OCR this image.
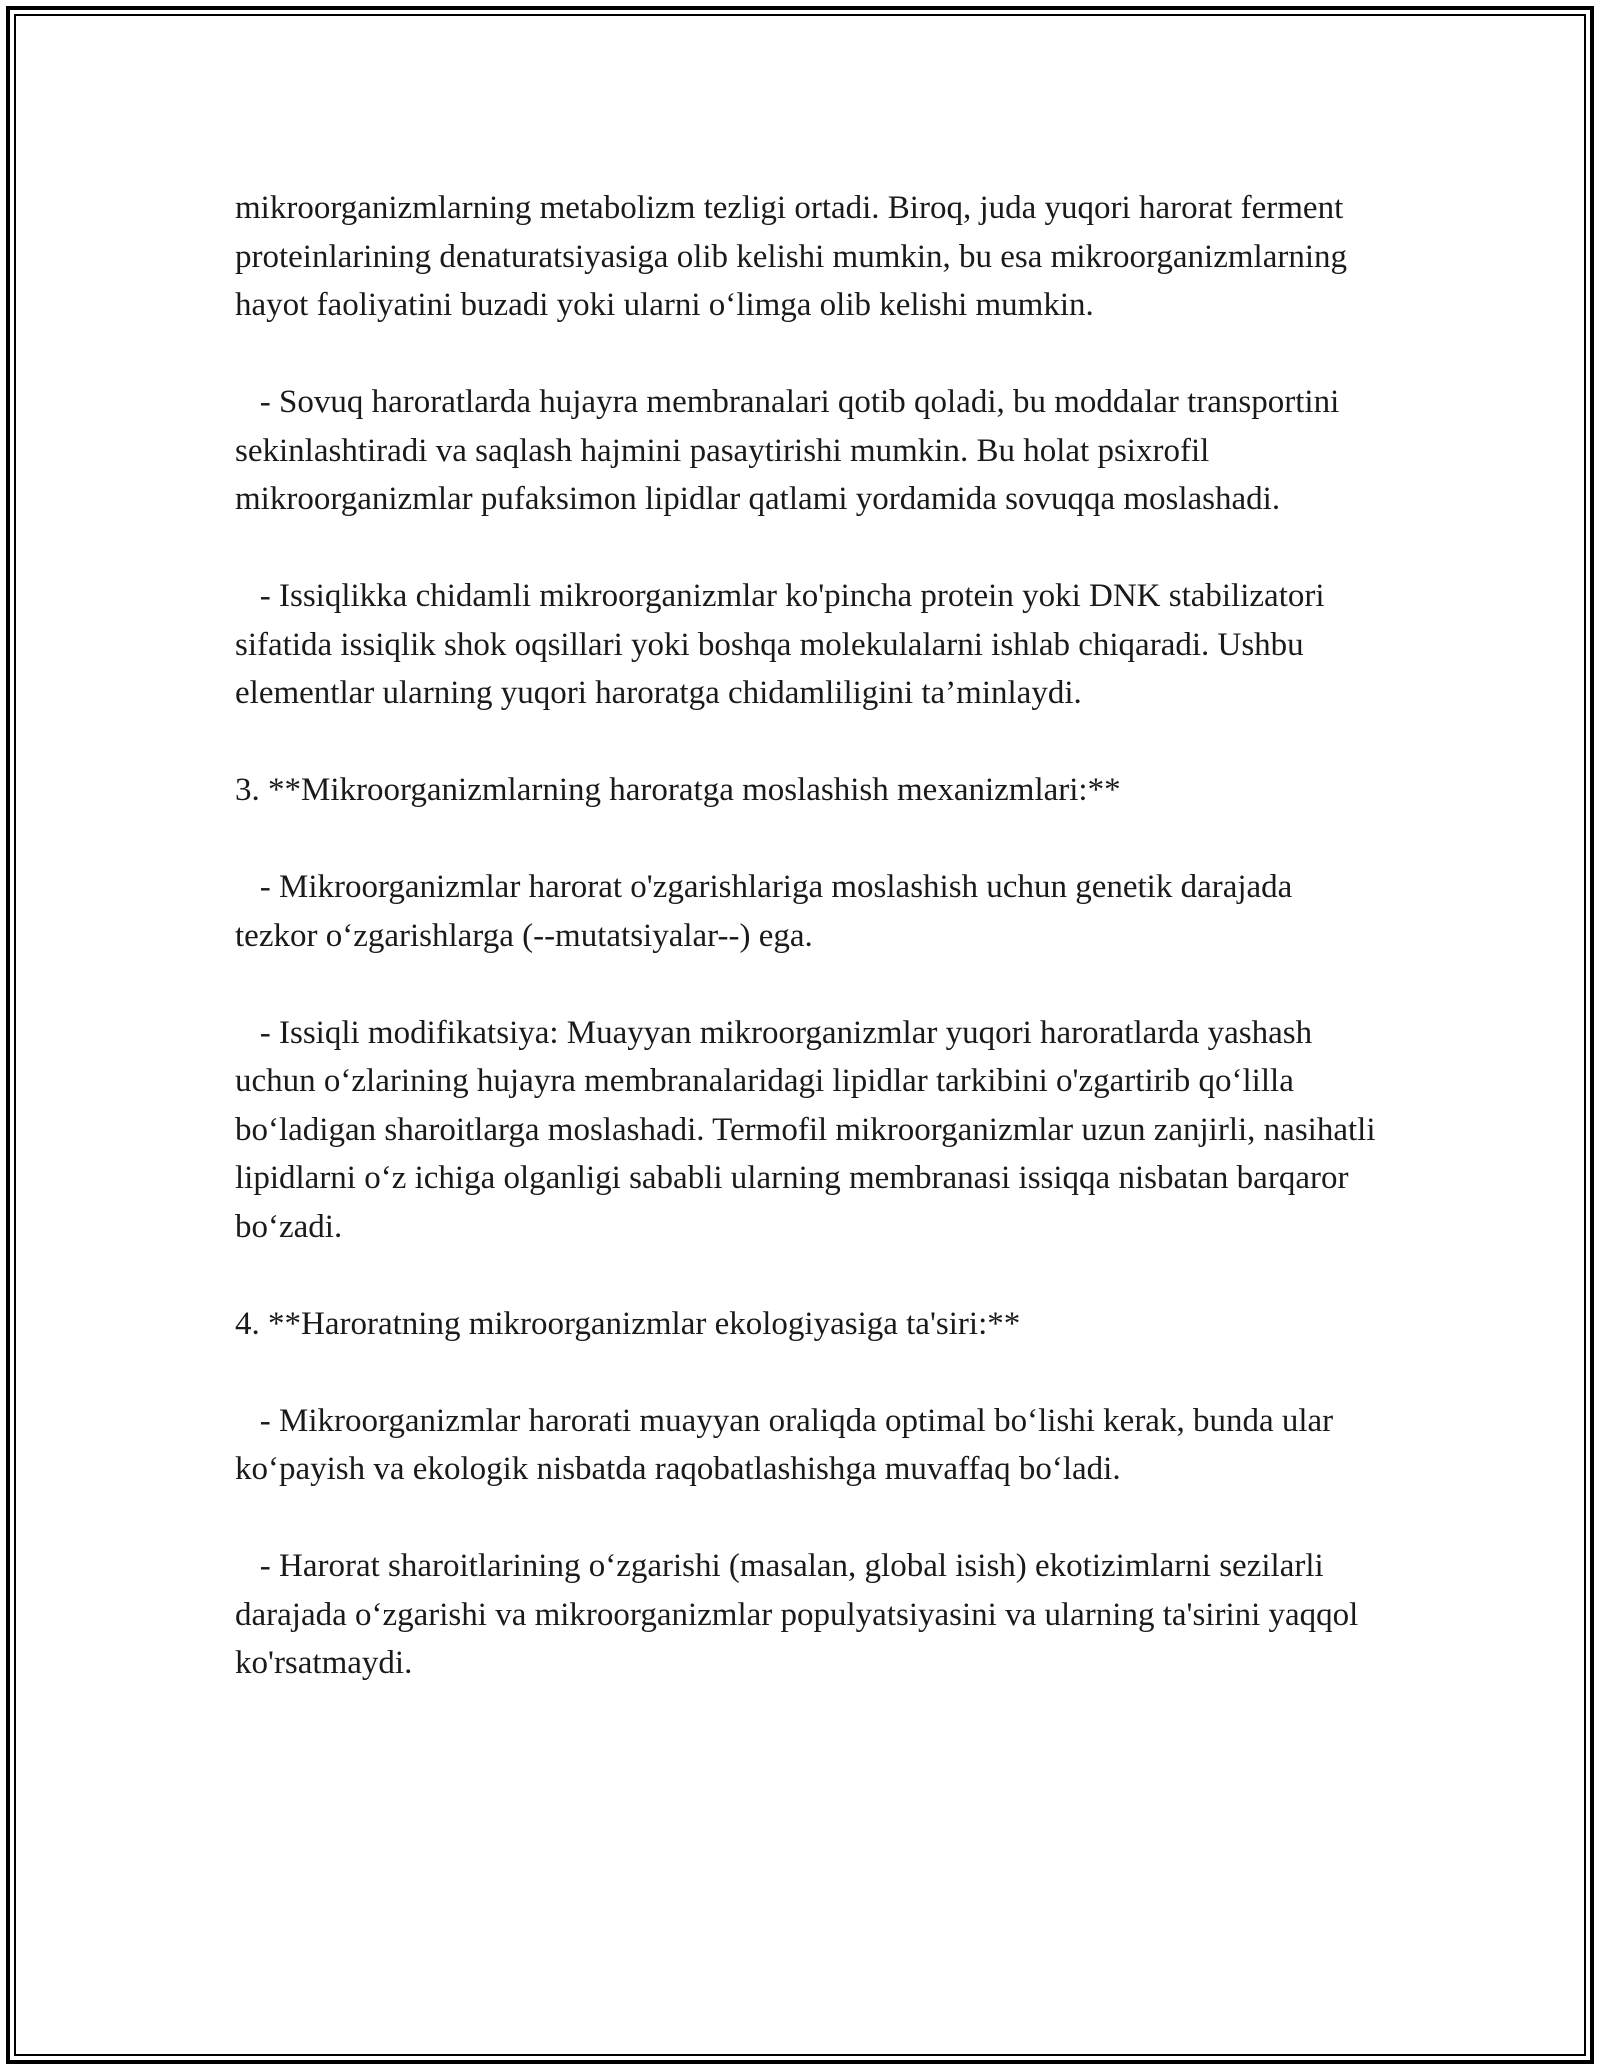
mikroorganizmlarning metabolizm tezligi ortadi. Biroq, juda yuqori harorat ferment proteinlarining denaturatsiyasiga olib kelishi mumkin, bu esa mikroorganizmlarning hayot faoliyatini buzadi yoki ularni o‘limga olib kelishi mumkin.

- Sovuq haroratlarda hujayra membranalari qotib qoladi, bu moddalar transportini sekinlashtiradi va saqlash hajmini pasaytirishi mumkin. Bu holat psixrofil mikroorganizmlar pufaksimon lipidlar qatlami yordamida sovuqqa moslashadi.

- Issiqlikka chidamli mikroorganizmlar ko'pincha protein yoki DNK stabilizatori sifatida issiqlik shok oqsillari yoki boshqa molekulalarni ishlab chiqaradi. Ushbu elementlar ularning yuqori haroratga chidamliligini ta’minlaydi.

3. **Mikroorganizmlarning haroratga moslashish mexanizmlari:**

- Mikroorganizmlar harorat o'zgarishlariga moslashish uchun genetik darajada tezkor o‘zgarishlarga (--mutatsiyalar--) ega.

- Issiqli modifikatsiya: Muayyan mikroorganizmlar yuqori haroratlarda yashash uchun o‘zlarining hujayra membranalaridagi lipidlar tarkibini o'zgartirib qo‘lilla bo‘ladigan sharoitlarga moslashadi. Termofil mikroorganizmlar uzun zanjirli, nasihatli lipidlarni o‘z ichiga olganligi sababli ularning membranasi issiqqa nisbatan barqaror bo‘zadi.

4. **Haroratning mikroorganizmlar ekologiyasiga ta'siri:**

- Mikroorganizmlar harorati muayyan oraliqda optimal bo‘lishi kerak, bunda ular ko‘payish va ekologik nisbatda raqobatlashishga muvaffaq bo‘ladi.

- Harorat sharoitlarining o‘zgarishi (masalan, global isish) ekotizimlarni sezilarli darajada o‘zgarishi va mikroorganizmlar populyatsiyasini va ularning ta'sirini yaqqol ko'rsatmaydi.
